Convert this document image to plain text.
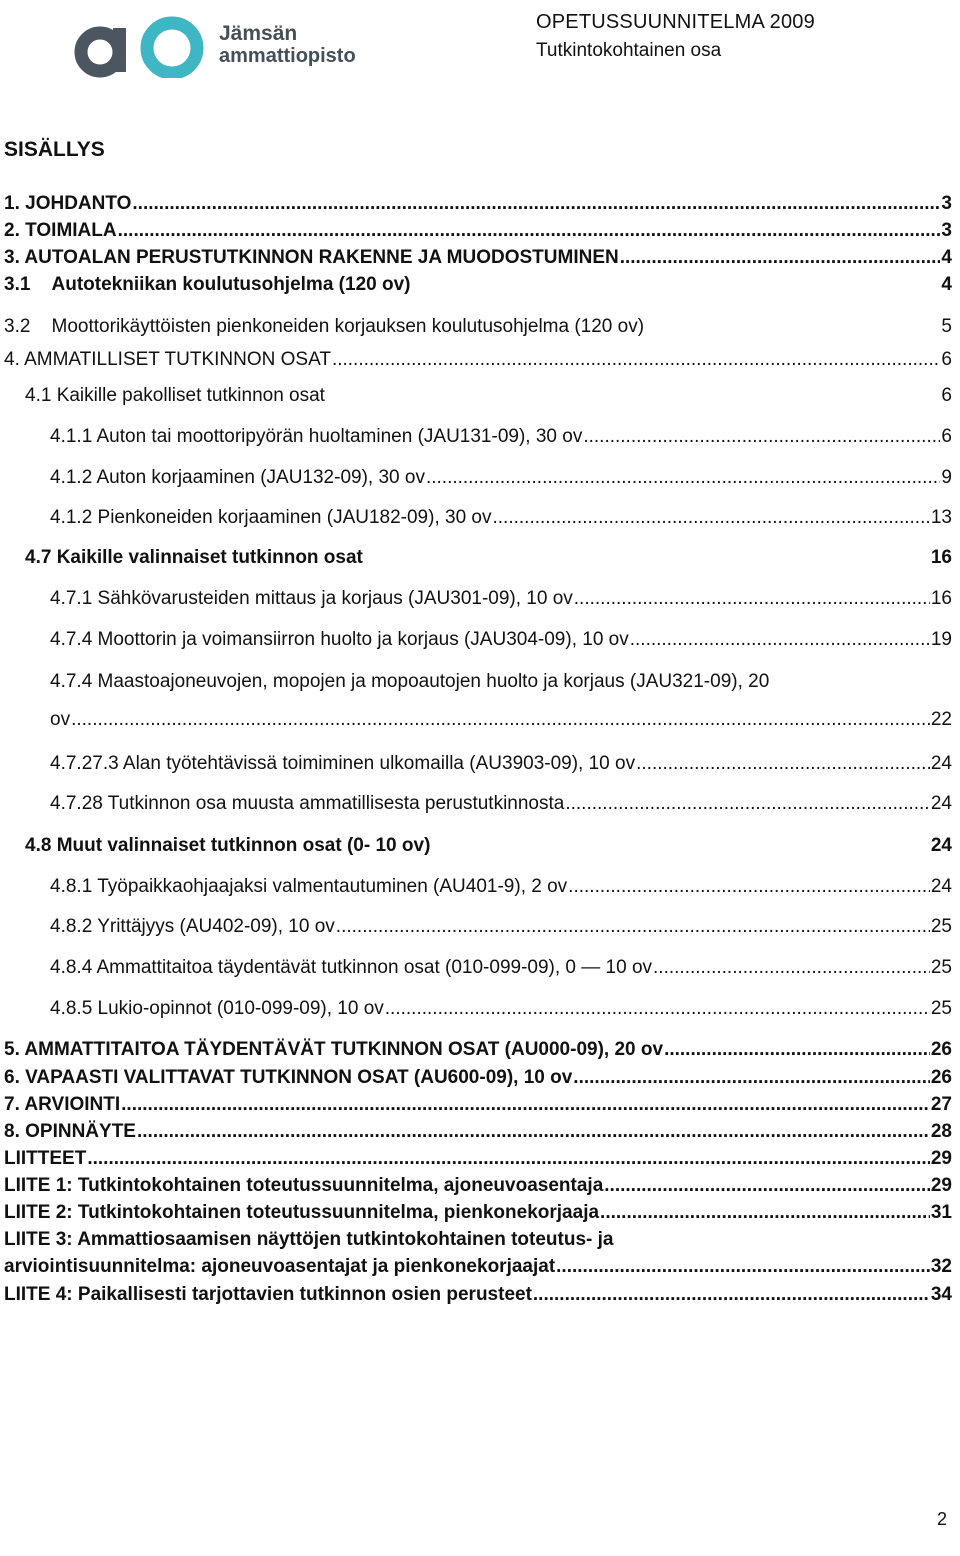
Jämsän
ammattiopisto
OPETUSSUUNNITELMA 2009
Tutkintokohtainen osa
SISÄLLYS
1. JOHDANTO .....	3
2. TOIMIALA .....	3
3. AUTOALAN PERUSTUTKINNON RAKENNE JA MUODOSTUMINEN .....	4
3.1    Autotekniikan koulutusohjelma (120 ov)	4
3.2    Moottorikäyttöisten pienkoneiden korjauksen koulutusohjelma (120 ov)	5
4. AMMATILLISET TUTKINNON OSAT .....	6
4.1 Kaikille pakolliset tutkinnon osat	6
4.1.1 Auton tai moottoripyörän huoltaminen (JAU131-09), 30 ov .....	6
4.1.2 Auton korjaaminen (JAU132-09), 30 ov .....	9
4.1.2 Pienkoneiden korjaaminen (JAU182-09), 30 ov .....	13
4.7 Kaikille valinnaiset tutkinnon osat	16
4.7.1 Sähkövarusteiden mittaus ja korjaus (JAU301-09), 10 ov .....	16
4.7.4 Moottorin ja voimansiirron huolto ja korjaus (JAU304-09), 10 ov .....	19
4.7.4 Maastoajoneuvojen, mopojen ja mopoautojen huolto ja korjaus (JAU321-09), 20
ov .....	22
4.7.27.3 Alan työtehtävissä toimiminen ulkomailla (AU3903-09), 10 ov .....	24
4.7.28 Tutkinnon osa muusta ammatillisesta perustutkinnosta .....	24
4.8 Muut valinnaiset tutkinnon osat (0- 10 ov)	24
4.8.1 Työpaikkaohjaajaksi valmentautuminen (AU401-9), 2 ov .....	24
4.8.2 Yrittäjyys (AU402-09), 10 ov .....	25
4.8.4 Ammattitaitoa täydentävät tutkinnon osat (010-099-09), 0 — 10 ov .....	25
4.8.5 Lukio-opinnot (010-099-09), 10 ov .....	25
5. AMMATTITAITOA TÄYDENTÄVÄT TUTKINNON OSAT (AU000-09), 20 ov .....	26
6. VAPAASTI VALITTAVAT TUTKINNON OSAT (AU600-09), 10 ov .....	26
7. ARVIOINTI .....	27
8. OPINNÄYTE .....	28
LIITTEET .....	29
LIITE 1: Tutkintokohtainen toteutussuunnitelma, ajoneuvoasentaja .....	29
LIITE 2: Tutkintokohtainen toteutussuunnitelma, pienkonekorjaaja .....	31
LIITE 3: Ammattiosaamisen näyttöjen tutkintokohtainen toteutus- ja
arviointisuunnitelma: ajoneuvoasentajat ja pienkonekorjaajat .....	32
LIITE 4: Paikallisesti tarjottavien tutkinnon osien perusteet .....	34
2
